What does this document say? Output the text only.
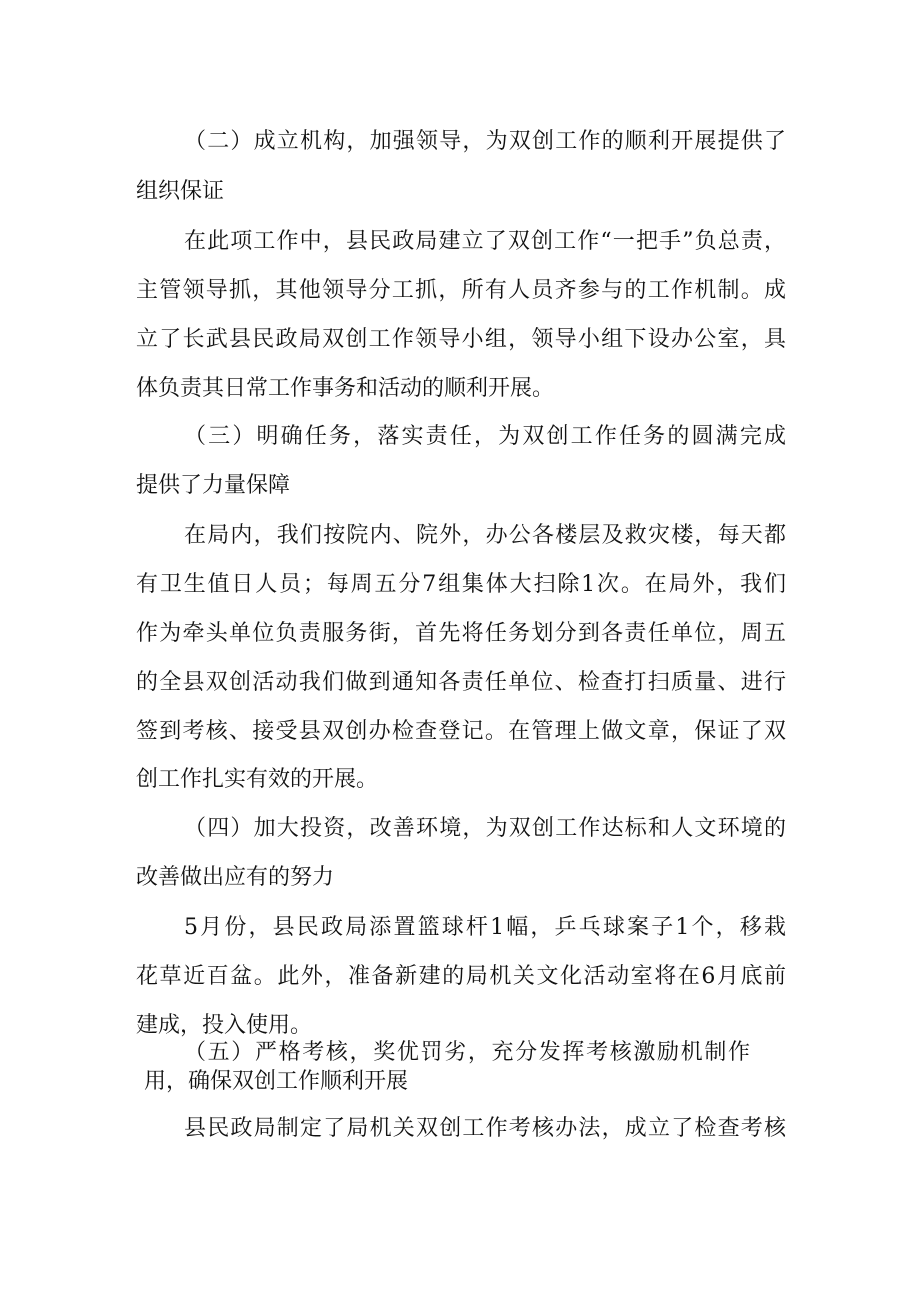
（二）成立机构，加强领导，为双创工作的顺利开展提供了
组织保证
在此项工作中，县民政局建立了双创工作“一把手”负总责，
主管领导抓，其他领导分工抓，所有人员齐参与的工作机制。成
立了长武县民政局双创工作领导小组，领导小组下设办公室，具
体负责其日常工作事务和活动的顺利开展。
（三）明确任务，落实责任，为双创工作任务的圆满完成
提供了力量保障
在局内，我们按院内、院外，办公各楼层及救灾楼，每天都
有卫生值日人员；每周五分7组集体大扫除1次。在局外，我们
作为牵头单位负责服务街，首先将任务划分到各责任单位，周五
的全县双创活动我们做到通知各责任单位、检查打扫质量、进行
签到考核、接受县双创办检查登记。在管理上做文章，保证了双
创工作扎实有效的开展。
（四）加大投资，改善环境，为双创工作达标和人文环境的
改善做出应有的努力
5月份，县民政局添置篮球杆1幅，乒乓球案子1个，移栽
花草近百盆。此外，准备新建的局机关文化活动室将在6月底前
建成，投入使用。
（五）严格考核，奖优罚劣，充分发挥考核激励机制作
用，确保双创工作顺利开展
县民政局制定了局机关双创工作考核办法，成立了检查考核
